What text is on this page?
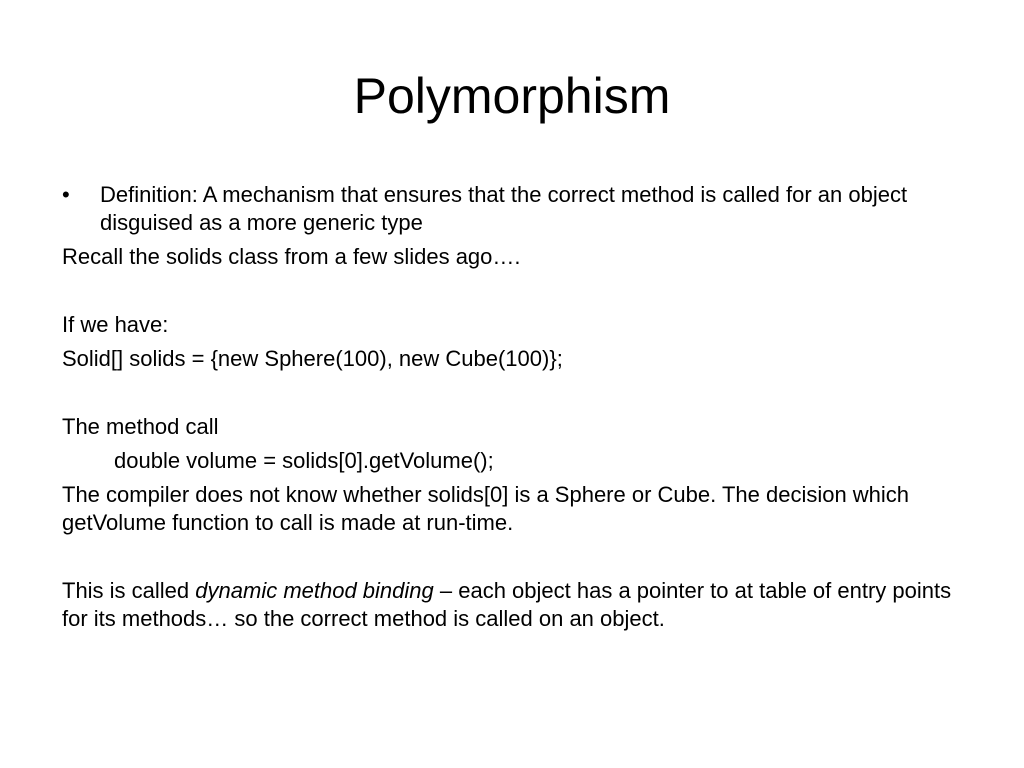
Polymorphism
•	Definition: A mechanism that ensures that the correct method is called for an object disguised as a more generic type
Recall the solids class from a few slides ago….
If we have:
Solid[] solids = {new Sphere(100), new Cube(100)};
The method call
double volume = solids[0].getVolume();
The compiler does not know whether solids[0] is a Sphere or Cube. The decision which getVolume function to call is made at run-time.
This is called dynamic method binding – each object has a pointer to at table of entry points for its methods… so the correct method is called on an object.
